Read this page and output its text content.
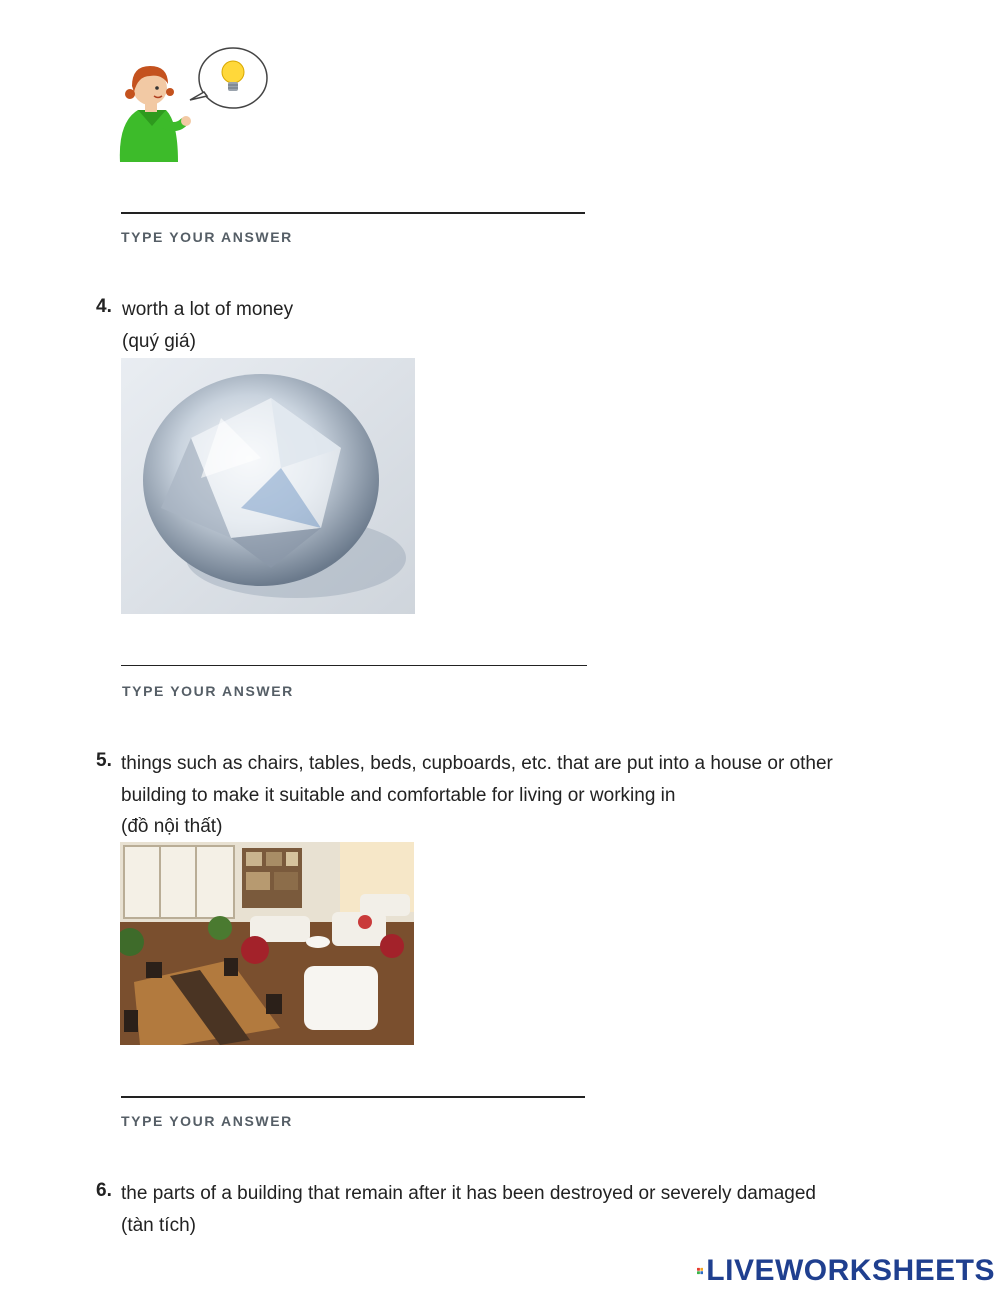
TYPE YOUR ANSWER
4. worth a lot of money
(quý giá)
TYPE YOUR ANSWER
5. things such as chairs, tables, beds, cupboards, etc. that are put into a house or other
building to make it suitable and comfortable for living or working in
(đồ nội thất)
TYPE YOUR ANSWER
6. the parts of a building that remain after it has been destroyed or severely damaged
(tàn tích)
LIVEWORKSHEETS
